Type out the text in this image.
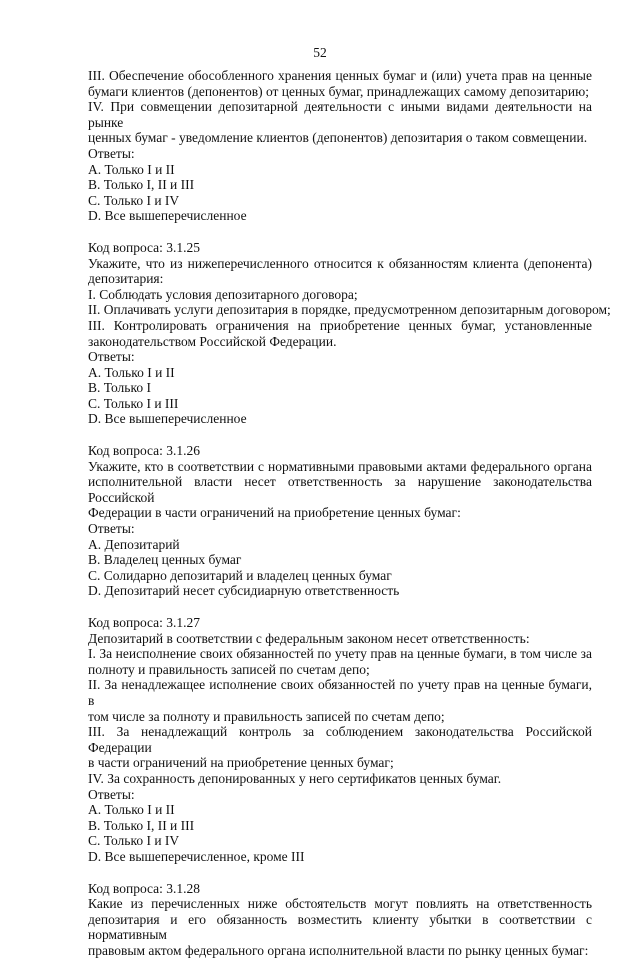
52
III. Обеспечение обособленного хранения ценных бумаг и (или) учета прав на ценные
бумаги клиентов (депонентов) от ценных бумаг, принадлежащих самому депозитарию;
IV. При совмещении депозитарной деятельности с иными видами деятельности на рынке
ценных бумаг - уведомление клиентов (депонентов) депозитария о таком совмещении.
Ответы:
A. Только I и II
B. Только I, II и III
C. Только I и IV
D. Все вышеперечисленное
Код вопроса: 3.1.25
Укажите, что из нижеперечисленного относится к обязанностям клиента (депонента)
депозитария:
I. Соблюдать условия депозитарного договора;
II. Оплачивать услуги депозитария в порядке, предусмотренном депозитарным договором;
III. Контролировать ограничения на приобретение ценных бумаг, установленные
законодательством Российской Федерации.
Ответы:
A. Только I и II
B. Только I
C. Только I и III
D. Все вышеперечисленное
Код вопроса: 3.1.26
Укажите, кто в соответствии с нормативными правовыми актами федерального органа
исполнительной власти несет ответственность за нарушение законодательства Российской
Федерации в части ограничений на приобретение ценных бумаг:
Ответы:
A. Депозитарий
B. Владелец ценных бумаг
C. Солидарно депозитарий и владелец ценных бумаг
D. Депозитарий несет субсидиарную ответственность
Код вопроса: 3.1.27
Депозитарий в соответствии с федеральным законом несет ответственность:
I. За неисполнение своих обязанностей по учету прав на ценные бумаги, в том числе за
полноту и правильность записей по счетам депо;
II. За ненадлежащее исполнение своих обязанностей по учету прав на ценные бумаги, в
том числе за полноту и правильность записей по счетам депо;
III. За ненадлежащий контроль за соблюдением законодательства Российской Федерации
в части ограничений на приобретение ценных бумаг;
IV. За сохранность депонированных у него сертификатов ценных бумаг.
Ответы:
A. Только I и II
B. Только I, II и III
C. Только I и IV
D. Все вышеперечисленное, кроме III
Код вопроса: 3.1.28
Какие из перечисленных ниже обстоятельств могут повлиять на ответственность
депозитария и его обязанность возместить клиенту убытки в соответствии с нормативным
правовым актом федерального органа исполнительной власти по рынку ценных бумаг:
